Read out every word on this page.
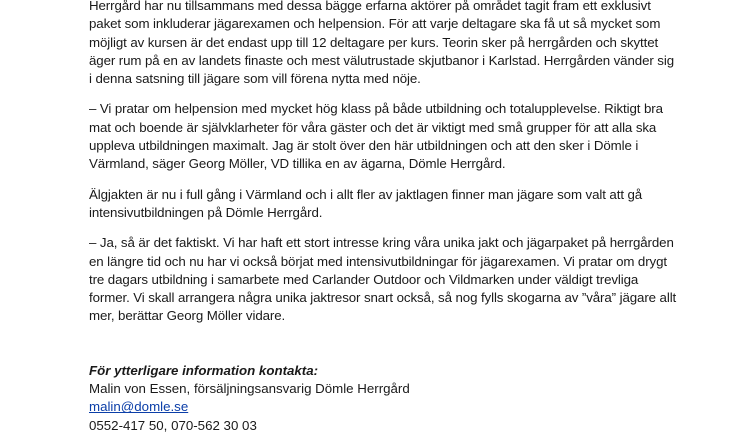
Herrgård har nu tillsammans med dessa bägge erfarna aktörer på området tagit fram ett exklusivt
paket som inkluderar jägarexamen och helpension. För att varje deltagare ska få ut så mycket som
möjligt av kursen är det endast upp till 12 deltagare per kurs. Teorin sker på herrgården och skyttet
äger rum på en av landets finaste och mest välutrustade skjutbanor i Karlstad. Herrgården vänder sig
i denna satsning till jägare som vill förena nytta med nöje.

– Vi pratar om helpension med mycket hög klass på både utbildning och totalupplevelse. Riktigt bra
mat och boende är självklarheter för våra gäster och det är viktigt med små grupper för att alla ska
uppleva utbildningen maximalt. Jag är stolt över den här utbildningen och att den sker i Dömle i
Värmland, säger Georg Möller, VD tillika en av ägarna, Dömle Herrgård.

Älgjakten är nu i full gång i Värmland och i allt fler av jaktlagen finner man jägare som valt att gå
intensivutbildningen på Dömle Herrgård.

– Ja, så är det faktiskt. Vi har haft ett stort intresse kring våra unika jakt och jägarpaket på herrgården
en längre tid och nu har vi också börjat med intensivutbildningar för jägarexamen. Vi pratar om drygt
tre dagars utbildning i samarbete med Carlander Outdoor och Vildmarken under väldigt trevliga
former. Vi skall arrangera några unika jaktresor snart också, så nog fylls skogarna av ”våra” jägare allt
mer, berättar Georg Möller vidare.

För ytterligare information kontakta:

Malin von Essen, försäljningsansvarig Dömle Herrgård
malin@domle.se
0552-417 50, 070-562 30 03
